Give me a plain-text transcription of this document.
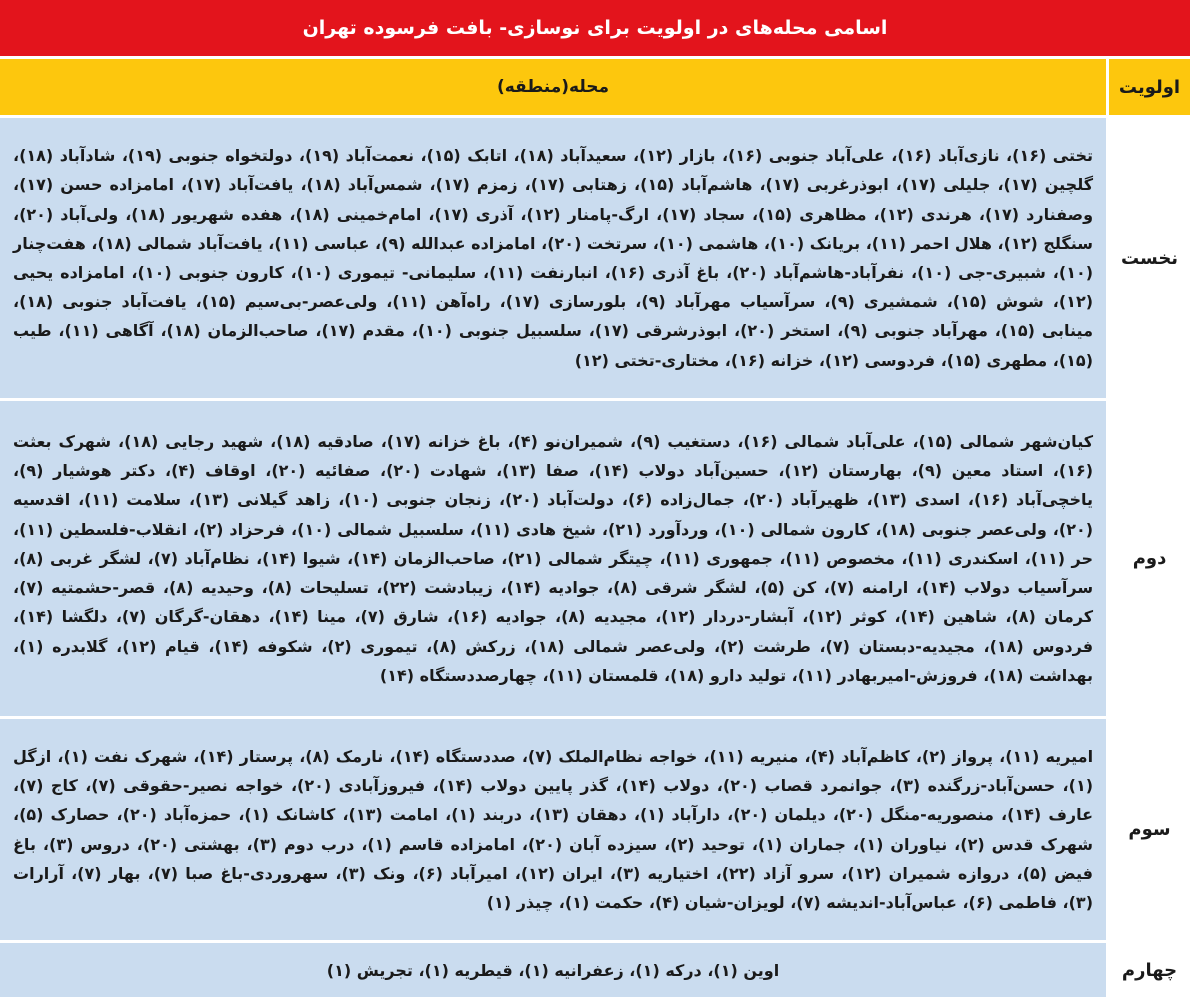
اسامی محله‌های در اولویت برای نوسازی- بافت فرسوده تهران
اولویت
محله(منطقه)
نخست
تختی (۱۶)، نازی‌آباد (۱۶)، علی‌آباد جنوبی (۱۶)، بازار (۱۲)، سعیدآباد (۱۸)، اتابک (۱۵)، نعمت‌آباد (۱۹)، دولتخواه جنوبی (۱۹)، شادآباد (۱۸)، گلچین (۱۷)، جلیلی (۱۷)، ابوذرغربی (۱۷)، هاشم‌آباد (۱۵)، زهتابی (۱۷)، زمزم (۱۷)، شمس‌آباد (۱۸)، یافت‌آباد (۱۷)، امامزاده حسن (۱۷)، وصفنارد (۱۷)، هرندی (۱۲)، مظاهری (۱۵)، سجاد (۱۷)، ارگ-پامنار (۱۲)، آذری (۱۷)، امام‌خمینی (۱۸)، هفده شهریور (۱۸)، ولی‌آباد (۲۰)، سنگلج (۱۲)، هلال احمر (۱۱)، بریانک (۱۰)، هاشمی (۱۰)، سرتخت (۲۰)، امامزاده عبدالله (۹)، عباسی (۱۱)، یافت‌آباد شمالی (۱۸)، هفت‌چنار (۱۰)، شبیری-جی (۱۰)، نفرآباد-هاشم‌آباد (۲۰)، باغ آذری (۱۶)، انبارنفت (۱۱)، سلیمانی- تیموری (۱۰)، کارون جنوبی (۱۰)، امامزاده یحیی (۱۲)، شوش (۱۵)، شمشیری (۹)، سرآسیاب مهرآباد (۹)، بلورسازی (۱۷)، راه‌آهن (۱۱)، ولی‌عصر-بی‌سیم (۱۵)، یافت‌آباد جنوبی (۱۸)، مینابی (۱۵)، مهرآباد جنوبی (۹)، استخر (۲۰)، ابوذرشرقی (۱۷)، سلسبیل جنوبی (۱۰)، مقدم (۱۷)، صاحب‌الزمان (۱۸)، آگاهی (۱۱)، طیب (۱۵)، مطهری (۱۵)، فردوسی (۱۲)، خزانه (۱۶)، مختاری-تختی (۱۲)
دوم
کیان‌شهر شمالی (۱۵)، علی‌آباد شمالی (۱۶)، دستغیب (۹)، شمیران‌نو (۴)، باغ خزانه (۱۷)، صادقیه (۱۸)، شهید رجایی (۱۸)، شهرک بعثت (۱۶)، استاد معین (۹)، بهارستان (۱۲)، حسین‌آباد دولاب (۱۴)، صفا (۱۳)، شهادت (۲۰)، صفائیه (۲۰)، اوقاف (۴)، دکتر هوشیار (۹)، یاخچی‌آباد (۱۶)، اسدی (۱۳)، ظهیرآباد (۲۰)، جمال‌زاده (۶)، دولت‌آباد (۲۰)، زنجان جنوبی (۱۰)، زاهد گیلانی (۱۳)، سلامت (۱۱)، اقدسیه (۲۰)، ولی‌عصر جنوبی (۱۸)، کارون شمالی (۱۰)، وردآورد (۲۱)، شیخ هادی (۱۱)، سلسبیل شمالی (۱۰)، فرحزاد (۲)، انقلاب-فلسطین (۱۱)، حر (۱۱)، اسکندری (۱۱)، مخصوص (۱۱)، جمهوری (۱۱)، چیتگر شمالی (۲۱)، صاحب‌الزمان (۱۴)، شیوا (۱۴)، نظام‌آباد (۷)، لشگر غربی (۸)، سرآسیاب دولاب (۱۴)، ارامنه (۷)، کن (۵)، لشگر شرقی (۸)، جوادیه (۱۴)، زیبادشت (۲۲)، تسلیحات (۸)، وحیدیه (۸)، قصر-حشمتیه (۷)، کرمان (۸)، شاهین (۱۴)، کوثر (۱۲)، آبشار-دردار (۱۲)، مجیدیه (۸)، جوادیه (۱۶)، شارق (۷)، مینا (۱۴)، دهقان-گرگان (۷)، دلگشا (۱۴)، فردوس (۱۸)، مجیدیه-دبستان (۷)، طرشت (۲)، ولی‌عصر شمالی (۱۸)، زرکش (۸)، تیموری (۲)، شکوفه (۱۴)، قیام (۱۲)، گلابدره (۱)، بهداشت (۱۸)، فروزش-امیربهادر (۱۱)، تولید دارو (۱۸)، قلمستان (۱۱)، چهارصددستگاه (۱۴)
سوم
امیریه (۱۱)، پرواز (۲)، کاظم‌آباد (۴)، منیریه (۱۱)، خواجه نظام‌الملک (۷)، صددستگاه (۱۴)، نارمک (۸)، پرستار (۱۴)، شهرک نفت (۱)، ازگل (۱)، حسن‌آباد-زرگنده (۳)، جوانمرد قصاب (۲۰)، دولاب (۱۴)، گذر پایین دولاب (۱۴)، فیروزآبادی (۲۰)، خواجه نصیر-حقوقی (۷)، کاج (۷)، عارف (۱۴)، منصوریه-منگل (۲۰)، دیلمان (۲۰)، دارآباد (۱)، دهقان (۱۳)، دربند (۱)، امامت (۱۳)، کاشانک (۱)، حمزه‌آباد (۲۰)، حصارک (۵)، شهرک قدس (۲)، نیاوران (۱)، جماران (۱)، توحید (۲)، سیزده آبان (۲۰)، امامزاده قاسم (۱)، درب دوم (۳)، بهشتی (۲۰)، دروس (۳)، باغ فیض (۵)، دروازه شمیران (۱۲)، سرو آزاد (۲۲)، اختیاریه (۳)، ایران (۱۲)، امیرآباد (۶)، ونک (۳)، سهروردی-باغ صبا (۷)، بهار (۷)، آرارات (۳)، فاطمی (۶)، عباس‌آباد-اندیشه (۷)، لویزان-شیان (۴)، حکمت (۱)، چیذر (۱)
چهارم
اوین (۱)، درکه (۱)، زعفرانیه (۱)، قیطریه (۱)، تجریش (۱)
